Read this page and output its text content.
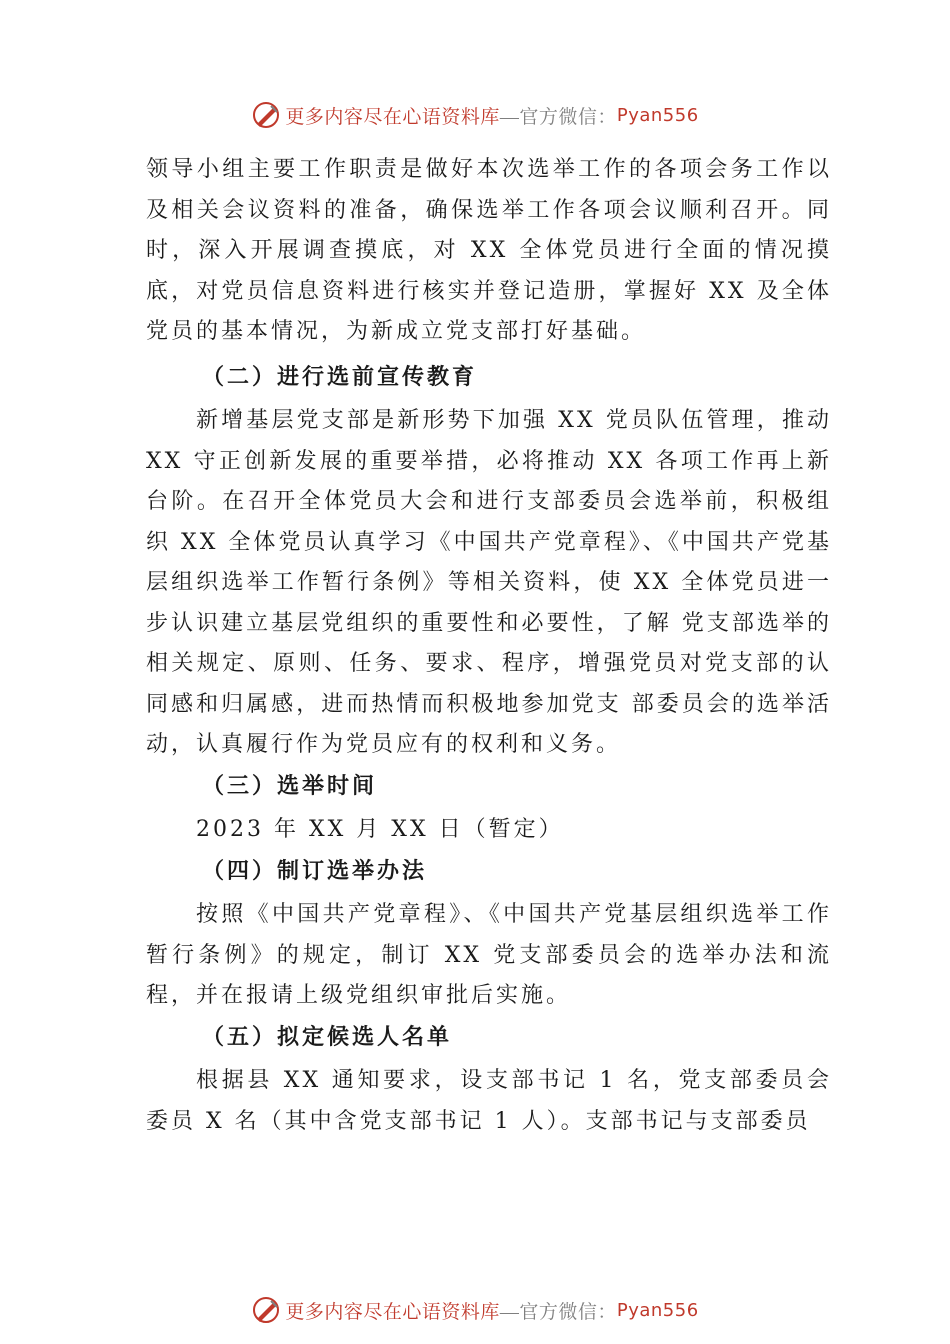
更多内容尽在心语资料库 —官方微信： Pyan556

领导小组主要工作职责是做好本次选举工作的各项会务工作以及相关会议资料的准备，确保选举工作各项会议顺利召开。同时，深入开展调查摸底，对 XX 全体党员进行全面的情况摸底，对党员信息资料进行核实并登记造册，掌握好 XX 及全体党员的基本情况，为新成立党支部打好基础。

（二）进行选前宣传教育

新增基层党支部是新形势下加强 XX 党员队伍管理，推动 XX 守正创新发展的重要举措，必将推动 XX 各项工作再上新台阶。在召开全体党员大会和进行支部委员会选举前，积极组织 XX 全体党员认真学习《中国共产党章程》、《中国共产党基层组织选举工作暂行条例》等相关资料，使 XX 全体党员进一步认识建立基层党组织的重要性和必要性，了解 党支部选举的相关规定、原则、任务、要求、程序，增强党员对党支部的认同感和归属感，进而热情而积极地参加党支 部委员会的选举活动，认真履行作为党员应有的权利和义务。

（三）选举时间

2023 年 XX 月 XX 日（暂定）

（四）制订选举办法

按照《中国共产党章程》、《中国共产党基层组织选举工作暂行条例》的规定，制订 XX 党支部委员会的选举办法和流程，并在报请上级党组织审批后实施。

（五）拟定候选人名单

根据县 XX 通知要求，设支部书记 1 名，党支部委员会委员 X 名（其中含党支部书记 1 人）。支部书记与支部委员

更多内容尽在心语资料库 —官方微信： Pyan556
